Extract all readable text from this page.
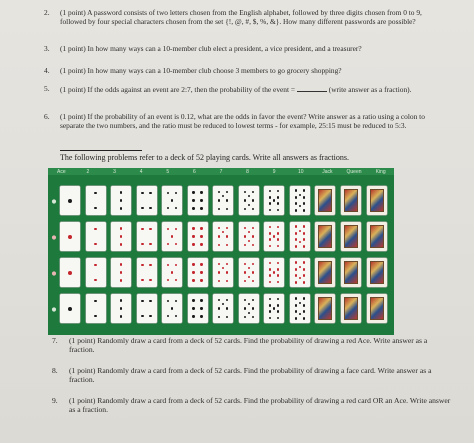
2.	(1 point) A password consists of two letters chosen from the English alphabet, followed by three digits chosen from 0 to 9, followed by four special characters chosen from the set {!, @, #, $, %, &}. How many different passwords are possible?
3.	(1 point) In how many ways can a 10-member club elect a president, a vice president, and a treasurer?
4.	(1 point) In how many ways can a 10-member club choose 3 members to go grocery shopping?
5.	(1 point) If the odds against an event are 2:7, then the probability of the event =	(write answer as a fraction).
6.	(1 point) If the probability of an event is 0.12, what are the odds in favor the event? Write answer as a ratio using a colon to separate the two numbers, and the ratio must be reduced to lowest terms - for example, 25:15 must be reduced to 5:3.
The following problems refer to a deck of 52 playing cards. Write all answers as fractions.
Ace	2	3	4	5	6	7	8	9	10	Jack	Queen	King
7. (1 point) Randomly draw a card from a deck of 52 cards. Find the probability of drawing a red Ace. Write answer as a fraction.
8. (1 point) Randomly draw a card from a deck of 52 cards. Find the probability of drawing a face card. Write answer as a fraction.
9. (1 point) Randomly draw a card from a deck of 52 cards. Find the probability of drawing a red card OR an Ace. Write answer as a fraction.
